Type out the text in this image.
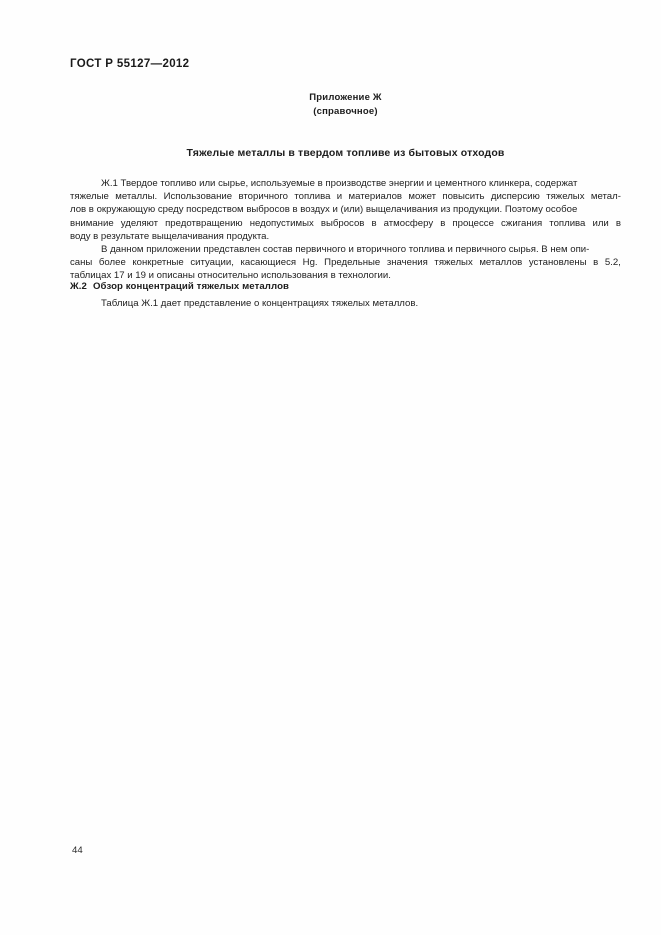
ГОСТ Р 55127—2012
Приложение Ж
(справочное)
Тяжелые металлы в твердом топливе из бытовых отходов
Ж.1 Твердое топливо или сырье, используемые в производстве энергии и цементного клинкера, содержат
тяжелые металлы. Использование вторичного топлива и материалов может повысить дисперсию тяжелых метал-
лов в окружающую среду посредством выбросов в воздух и (или) выщелачивания из продукции. Поэтому особое
внимание уделяют предотвращению недопустимых выбросов в атмосферу в процессе сжигания топлива или в
воду в результате выщелачивания продукта.
В данном приложении представлен состав первичного и вторичного топлива и первичного сырья. В нем опи-
саны более конкретные ситуации, касающиеся Hg. Предельные значения тяжелых металлов установлены в 5.2,
таблицах 17 и 19 и описаны относительно использования в технологии.
Ж.2 Обзор концентраций тяжелых металлов
Таблица Ж.1 дает представление о концентрациях тяжелых металлов.
44
